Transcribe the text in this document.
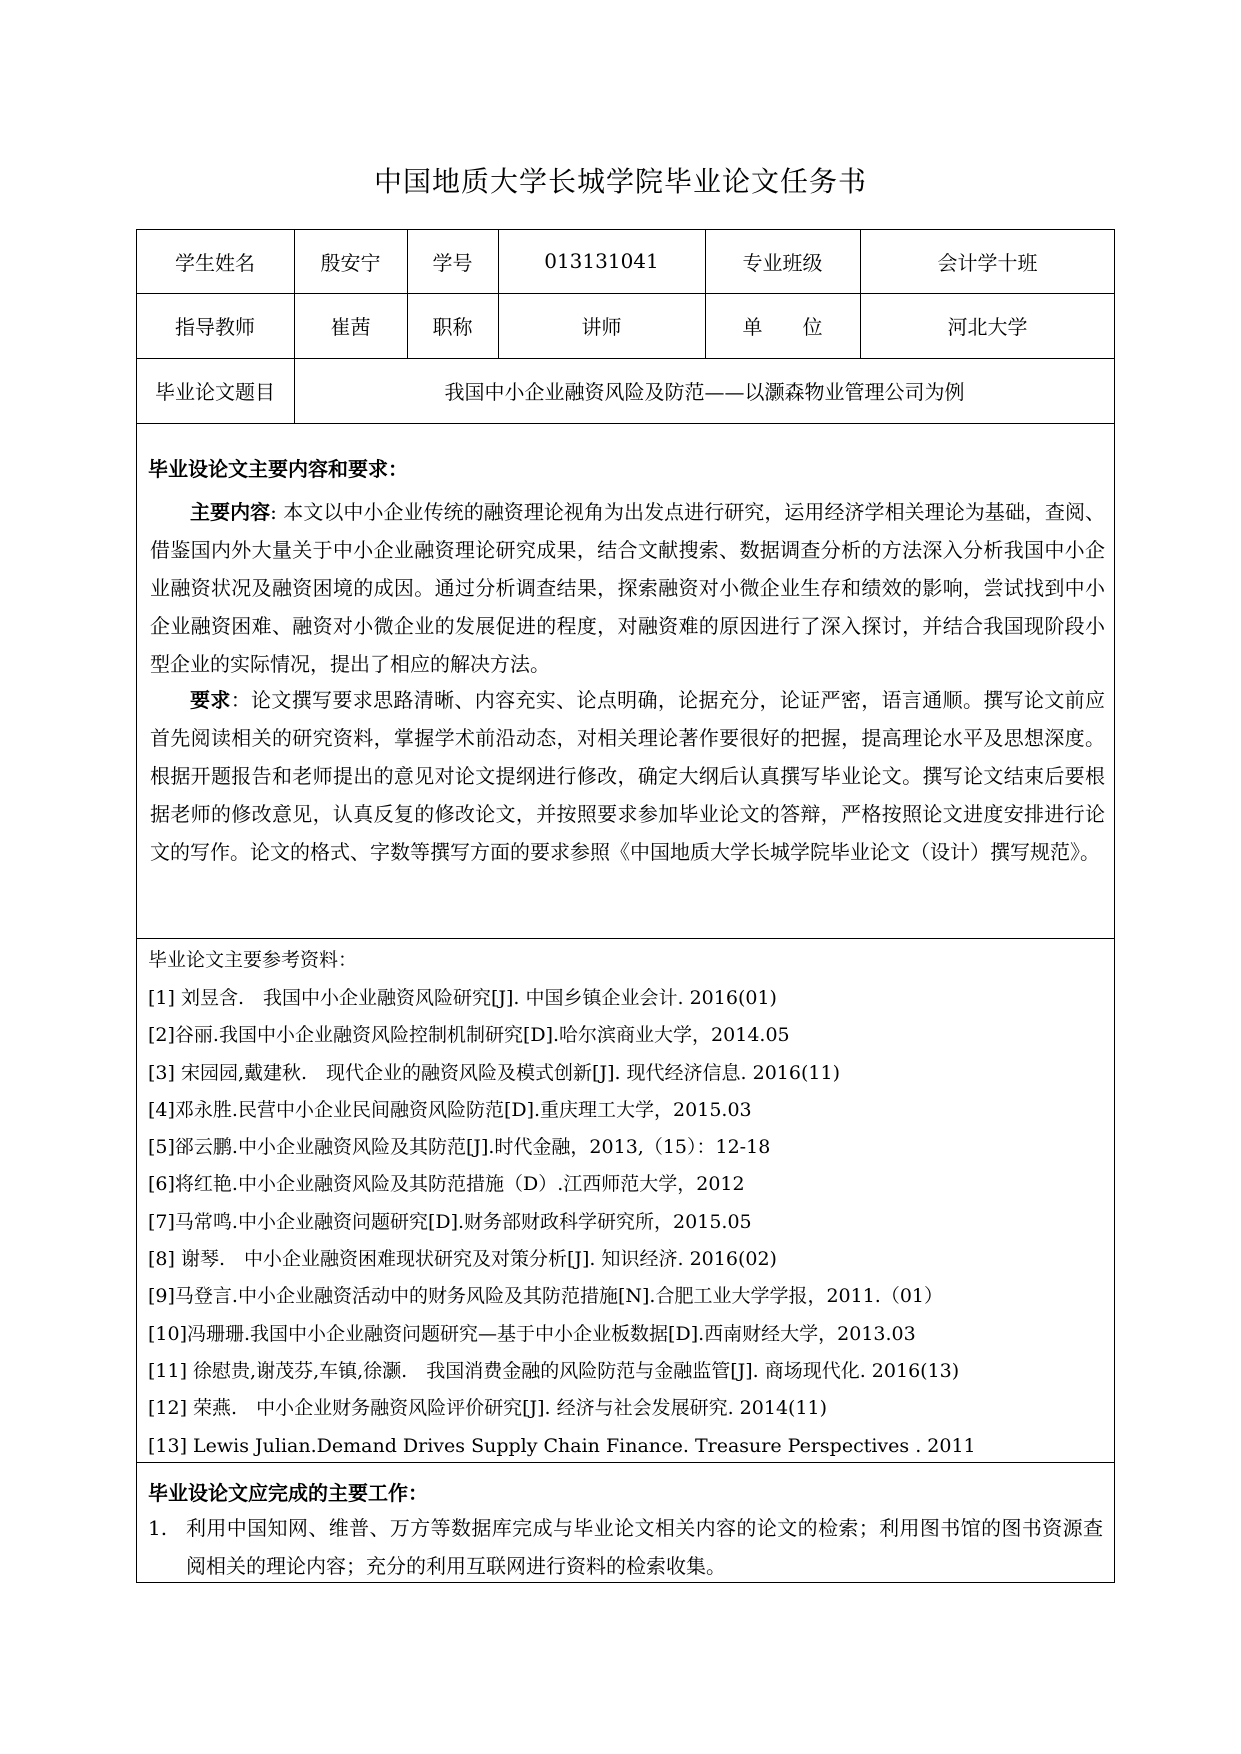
中国地质大学长城学院毕业论文任务书
学生姓名	殷安宁	学号	013131041	专业班级	会计学十班
指导教师	崔茜	职称	讲师	单　　位	河北大学
毕业论文题目	我国中小企业融资风险及防范——以灏森物业管理公司为例
毕业设论文主要内容和要求：
主要内容: 本文以中小企业传统的融资理论视角为出发点进行研究，运用经济学相关理论为基础，查阅、借鉴国内外大量关于中小企业融资理论研究成果，结合文献搜索、数据调查分析的方法深入分析我国中小企业融资状况及融资困境的成因。通过分析调查结果，探索融资对小微企业生存和绩效的影响，尝试找到中小企业融资困难、融资对小微企业的发展促进的程度，对融资难的原因进行了深入探讨，并结合我国现阶段小型企业的实际情况，提出了相应的解决方法。
要求：论文撰写要求思路清晰、内容充实、论点明确，论据充分，论证严密，语言通顺。撰写论文前应首先阅读相关的研究资料，掌握学术前沿动态，对相关理论著作要很好的把握，提高理论水平及思想深度。根据开题报告和老师提出的意见对论文提纲进行修改，确定大纲后认真撰写毕业论文。撰写论文结束后要根据老师的修改意见，认真反复的修改论文，并按照要求参加毕业论文的答辩，严格按照论文进度安排进行论文的写作。论文的格式、字数等撰写方面的要求参照《中国地质大学长城学院毕业论文（设计）撰写规范》。
毕业论文主要参考资料：
[1] 刘昱含.　我国中小企业融资风险研究[J]. 中国乡镇企业会计. 2016(01)
[2]谷丽.我国中小企业融资风险控制机制研究[D].哈尔滨商业大学，2014.05
[3] 宋园园,戴建秋.　现代企业的融资风险及模式创新[J]. 现代经济信息. 2016(11)
[4]邓永胜.民营中小企业民间融资风险防范[D].重庆理工大学，2015.03
[5]郤云鹏.中小企业融资风险及其防范[J].时代金融，2013,（15）：12-18
[6]将红艳.中小企业融资风险及其防范措施（D）.江西师范大学，2012
[7]马常鸣.中小企业融资问题研究[D].财务部财政科学研究所，2015.05
[8] 谢琴.　中小企业融资困难现状研究及对策分析[J]. 知识经济. 2016(02)
[9]马登言.中小企业融资活动中的财务风险及其防范措施[N].合肥工业大学学报，2011.（01）
[10]冯珊珊.我国中小企业融资问题研究—基于中小企业板数据[D].西南财经大学，2013.03
[11] 徐慰贵,谢茂芬,车镇,徐灏.　我国消费金融的风险防范与金融监管[J]. 商场现代化. 2016(13)
[12] 荣燕.　中小企业财务融资风险评价研究[J]. 经济与社会发展研究. 2014(11)
[13] Lewis Julian.Demand Drives Supply Chain Finance. Treasure Perspectives . 2011
毕业设论文应完成的主要工作：
1. 利用中国知网、维普、万方等数据库完成与毕业论文相关内容的论文的检索；利用图书馆的图书资源查阅相关的理论内容；充分的利用互联网进行资料的检索收集。
